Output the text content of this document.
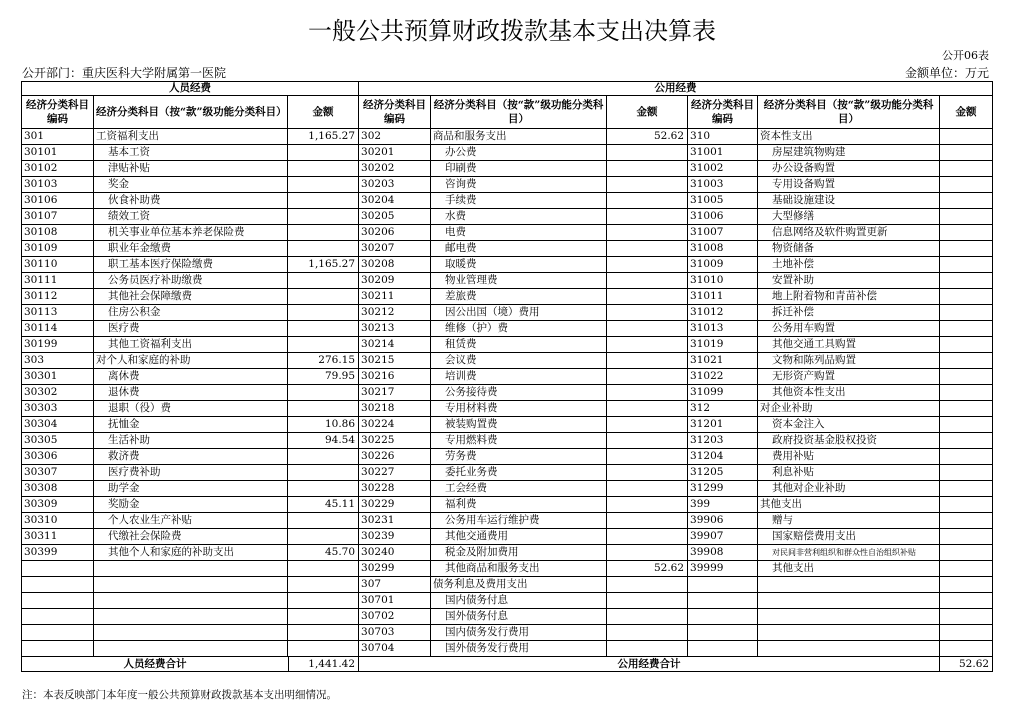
一般公共预算财政拨款基本支出决算表
公开06表
公开部门：重庆医科大学附属第一医院	金额单位：万元
人员经费			公用经费					
经济分类科目编码	经济分类科目（按“款”级功能分类科目）	金额	经济分类科目编码	经济分类科目（按“款”级功能分类科目）	金额	经济分类科目编码	经济分类科目（按“款”级功能分类科目）	金额
301	工资福利支出	1,165.27	302	商品和服务支出	52.62	310	资本性支出	
30101	基本工资		30201	办公费		31001	房屋建筑物购建	
30102	津贴补贴		30202	印刷费		31002	办公设备购置	
30103	奖金		30203	咨询费		31003	专用设备购置	
30106	伙食补助费		30204	手续费		31005	基础设施建设	
30107	绩效工资		30205	水费		31006	大型修缮	
30108	机关事业单位基本养老保险费		30206	电费		31007	信息网络及软件购置更新	
30109	职业年金缴费		30207	邮电费		31008	物资储备	
30110	职工基本医疗保险缴费	1,165.27	30208	取暖费		31009	土地补偿	
30111	公务员医疗补助缴费		30209	物业管理费		31010	安置补助	
30112	其他社会保障缴费		30211	差旅费		31011	地上附着物和青苗补偿	
30113	住房公积金		30212	因公出国（境）费用		31012	拆迁补偿	
30114	医疗费		30213	维修（护）费		31013	公务用车购置	
30199	其他工资福利支出		30214	租赁费		31019	其他交通工具购置	
303	对个人和家庭的补助	276.15	30215	会议费		31021	文物和陈列品购置	
30301	离休费	79.95	30216	培训费		31022	无形资产购置	
30302	退休费		30217	公务接待费		31099	其他资本性支出	
30303	退职（役）费		30218	专用材料费		312	对企业补助	
30304	抚恤金	10.86	30224	被装购置费		31201	资本金注入	
30305	生活补助	94.54	30225	专用燃料费		31203	政府投资基金股权投资	
30306	救济费		30226	劳务费		31204	费用补贴	
30307	医疗费补助		30227	委托业务费		31205	利息补贴	
30308	助学金		30228	工会经费		31299	其他对企业补助	
30309	奖励金	45.11	30229	福利费		399	其他支出	
30310	个人农业生产补贴		30231	公务用车运行维护费		39906	赠与	
30311	代缴社会保险费		30239	其他交通费用		39907	国家赔偿费用支出	
30399	其他个人和家庭的补助支出	45.70	30240	税金及附加费用		39908	对民间非营利组织和群众性自治组织补贴	
			30299	其他商品和服务支出	52.62	39999	其他支出	
			307	债务利息及费用支出				
			30701	国内债务付息				
			30702	国外债务付息				
			30703	国内债务发行费用				
			30704	国外债务发行费用				

人员经费合计 1,441.42			公用经费合计					52.62
注：本表反映部门本年度一般公共预算财政拨款基本支出明细情况。
